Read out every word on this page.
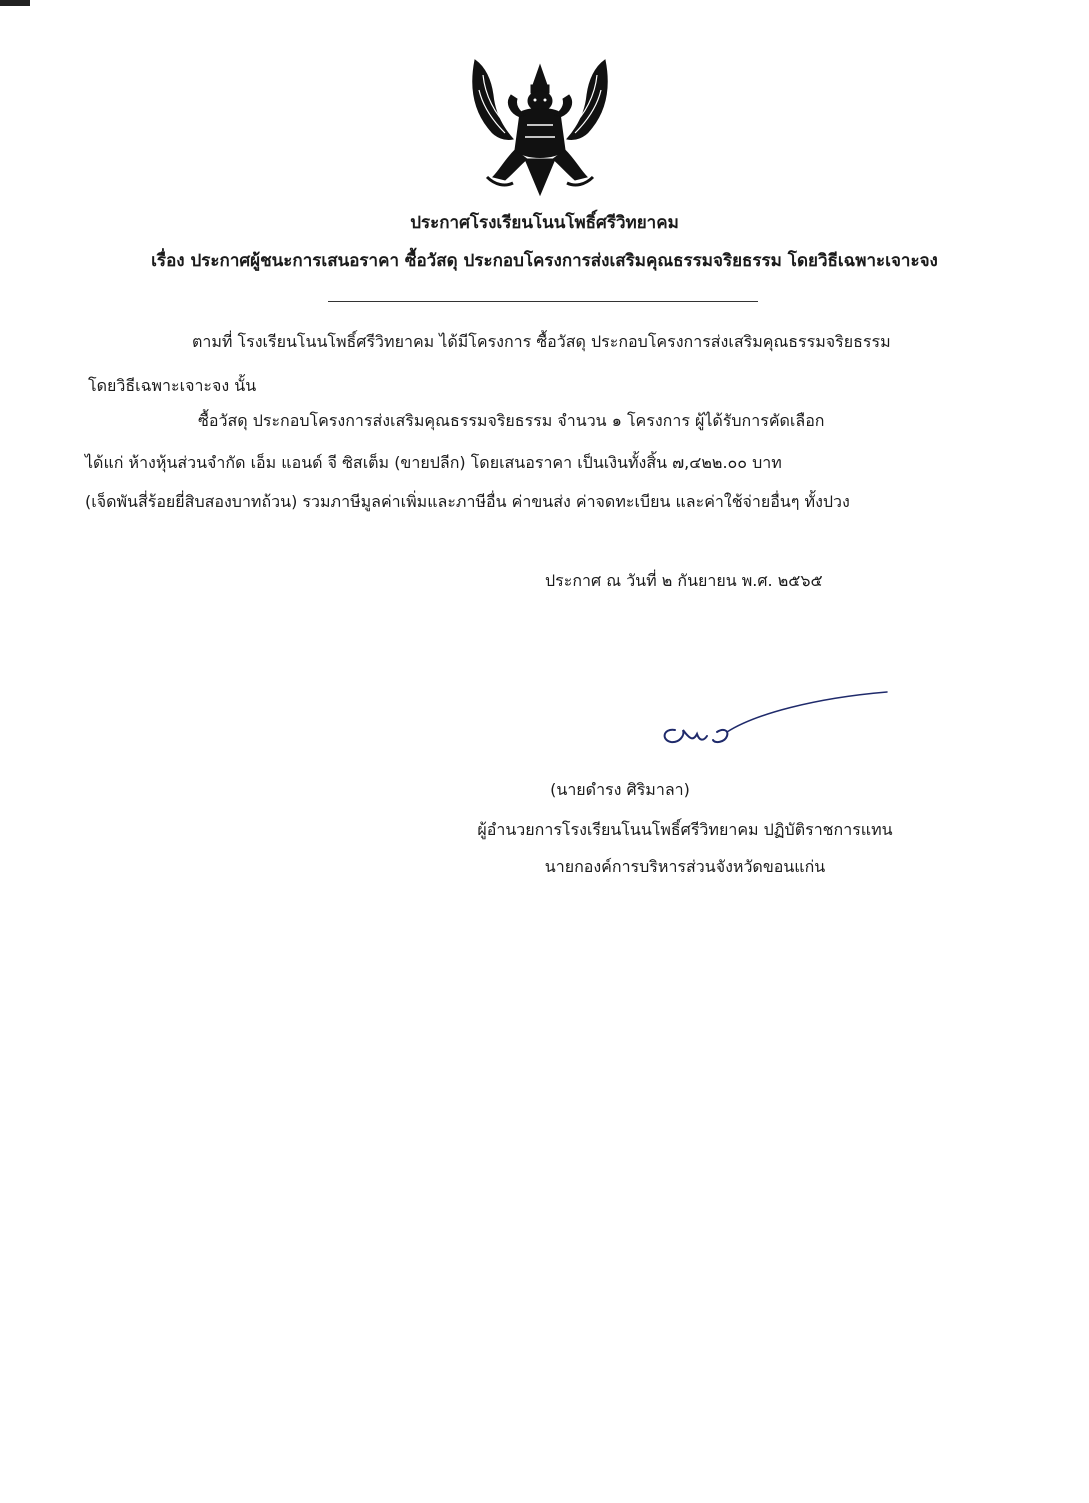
ประกาศโรงเรียนโนนโพธิ์ศรีวิทยาคม
เรื่อง ประกาศผู้ชนะการเสนอราคา ซื้อวัสดุ ประกอบโครงการส่งเสริมคุณธรรมจริยธรรม โดยวิธีเฉพาะเจาะจง
ตามที่ โรงเรียนโนนโพธิ์ศรีวิทยาคม ได้มีโครงการ ซื้อวัสดุ ประกอบโครงการส่งเสริมคุณธรรมจริยธรรม
โดยวิธีเฉพาะเจาะจง นั้น
ซื้อวัสดุ ประกอบโครงการส่งเสริมคุณธรรมจริยธรรม จำนวน ๑ โครงการ ผู้ได้รับการคัดเลือก
ได้แก่ ห้างหุ้นส่วนจำกัด เอ็ม แอนด์ จี ซิสเต็ม (ขายปลีก) โดยเสนอราคา เป็นเงินทั้งสิ้น ๗,๔๒๒.๐๐ บาท
(เจ็ดพันสี่ร้อยยี่สิบสองบาทถ้วน) รวมภาษีมูลค่าเพิ่มและภาษีอื่น ค่าขนส่ง ค่าจดทะเบียน และค่าใช้จ่ายอื่นๆ ทั้งปวง
ประกาศ ณ วันที่ ๒ กันยายน พ.ศ. ๒๕๖๕
(นายดำรง ศิริมาลา)
ผู้อำนวยการโรงเรียนโนนโพธิ์ศรีวิทยาคม ปฏิบัติราชการแทน
นายกองค์การบริหารส่วนจังหวัดขอนแก่น
